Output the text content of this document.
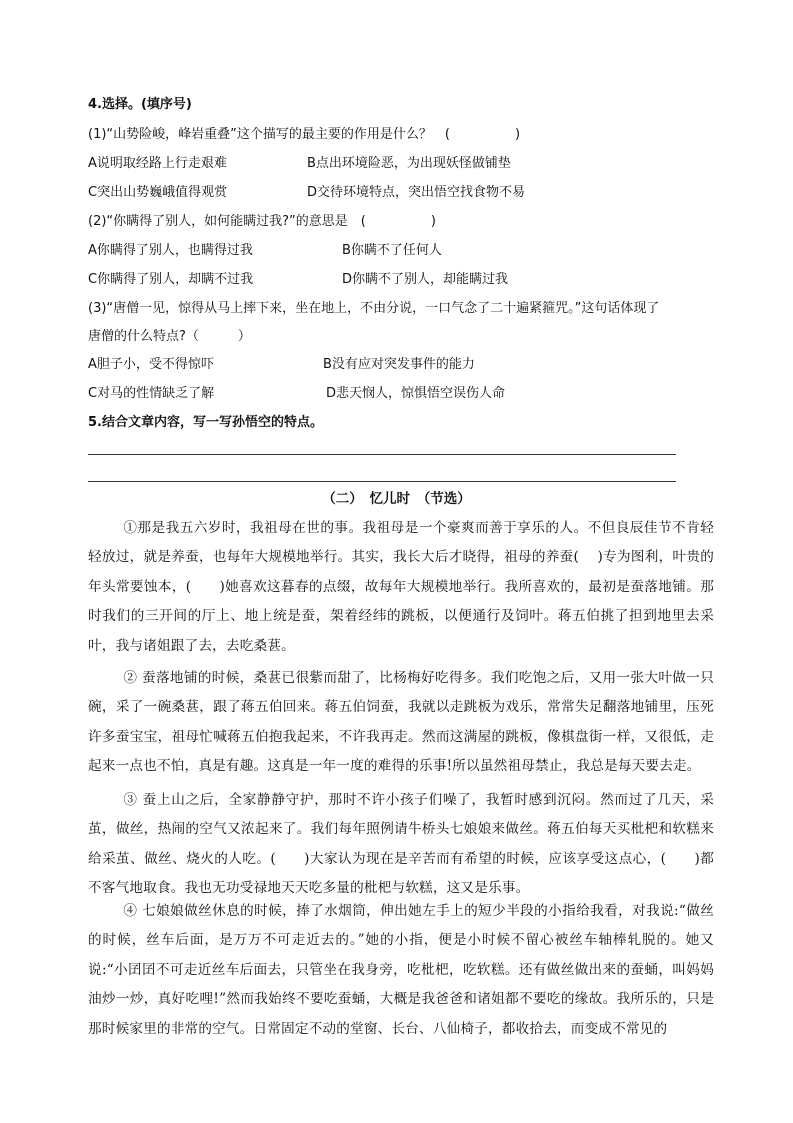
4.选择。(填序号)
(1)“山势险峻，峰岩重叠”这个描写的最主要的作用是什么？　(　　　　　)
A说明取经路上行走艰难	B点出环境险恶，为出现妖怪做铺垫
C突出山势巍峨值得观赏	D交待环境特点，突出悟空找食物不易
(2)“你瞒得了别人，如何能瞒过我?”的意思是　(　　　　　)
A你瞒得了别人，也瞒得过我	B你瞒不了任何人
C你瞒得了别人，却瞒不过我	D你瞒不了别人，却能瞒过我
(3)“唐僧一见，惊得从马上摔下来，坐在地上，不由分说，一口气念了二十遍紧箍咒。”这句话体现了
唐僧的什么特点?（　　　）
A胆子小，受不得惊吓	B没有应对突发事件的能力
C对马的性情缺乏了解	D悲天悯人，惊惧悟空误伤人命
5.结合文章内容，写一写孙悟空的特点。
（二）　忆儿时　（节选）

①那是我五六岁时，我祖母在世的事。我祖母是一个豪爽而善于享乐的人。不但良辰佳节不肯轻轻放过，就是养蚕，也每年大规模地举行。其实，我长大后才晓得，祖母的养蚕(　 )专为图利，叶贵的年头常要蚀本，(　　)她喜欢这暮春的点缀，故每年大规模地举行。我所喜欢的，最初是蚕落地铺。那时我们的三开间的厅上、地上统是蚕，架着经纬的跳板，以便通行及饲叶。蒋五伯挑了担到地里去采叶，我与诸姐跟了去，去吃桑葚。

② 蚕落地铺的时候，桑葚已很紫而甜了，比杨梅好吃得多。我们吃饱之后，又用一张大叶做一只碗，采了一碗桑葚，跟了蒋五伯回来。蒋五伯饲蚕，我就以走跳板为戏乐，常常失足翻落地铺里，压死许多蚕宝宝，祖母忙喊蒋五伯抱我起来，不许我再走。然而这满屋的跳板，像棋盘街一样，又很低，走起来一点也不怕，真是有趣。这真是一年一度的难得的乐事!所以虽然祖母禁止，我总是每天要去走。

③ 蚕上山之后，全家静静守护，那时不许小孩子们噪了，我暂时感到沉闷。然而过了几天，采茧，做丝，热闹的空气又浓起来了。我们每年照例请牛桥头七娘娘来做丝。蒋五伯每天买枇杷和软糕来给采茧、做丝、烧火的人吃。(　　)大家认为现在是辛苦而有希望的时候，应该享受这点心，(　　)都不客气地取食。我也无功受禄地天天吃多量的枇杷与软糕，这又是乐事。

④ 七娘娘做丝休息的时候，捧了水烟筒，伸出她左手上的短少半段的小指给我看，对我说:“做丝的时候，丝车后面，是万万不可走近去的。”她的小指，便是小时候不留心被丝车轴棒轧脱的。她又说:“小囝囝不可走近丝车后面去，只管坐在我身旁，吃枇杷，吃软糕。还有做丝做出来的蚕蛹，叫妈妈油炒一炒，真好吃哩!”然而我始终不要吃蚕蛹，大概是我爸爸和诸姐都不要吃的缘故。我所乐的，只是那时候家里的非常的空气。日常固定不动的堂窗、长台、八仙椅子，都收拾去，而变成不常见的
